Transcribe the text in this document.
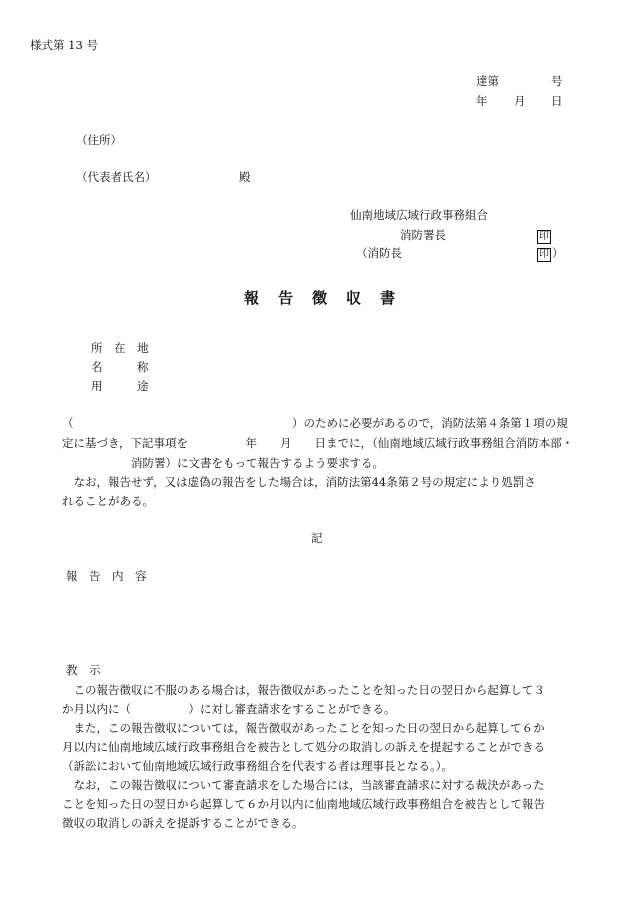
様式第 13 号
達第	号
年 月 日
（住所）
（代表者氏名）	殿
仙南地域広域行政事務組合
消防署長	印
（消防長	印 ）
報　告　徴　収　書
所　在　地
名　　　称
用　　　途
（　　　　　　　　　　　　　　　　　　　）のために必要があるので，消防法第４条第１項の規
定に基づき，下記事項を　　　　　年　　月　　日までに，（仙南地域広域行政事務組合消防本部・
　　　　　　消防署）に文書をもって報告するよう要求する。
　なお，報告せず，又は虚偽の報告をした場合は，消防法第44条第２号の規定により処罰さ
れることがある。
記
報　告　内　容
教　示
　この報告徴収に不服のある場合は，報告徴収があったことを知った日の翌日から起算して３
か月以内に（　　　　　）に対し審査請求をすることができる。
　また，この報告徴収については，報告徴収があったことを知った日の翌日から起算して６か
月以内に仙南地域広域行政事務組合を被告として処分の取消しの訴えを提起することができる
（訴訟において仙南地域広域行政事務組合を代表する者は理事長となる。）。
　なお，この報告徴収について審査請求をした場合には，当該審査請求に対する裁決があった
ことを知った日の翌日から起算して６か月以内に仙南地域広域行政事務組合を被告として報告
徴収の取消しの訴えを提訴することができる。
